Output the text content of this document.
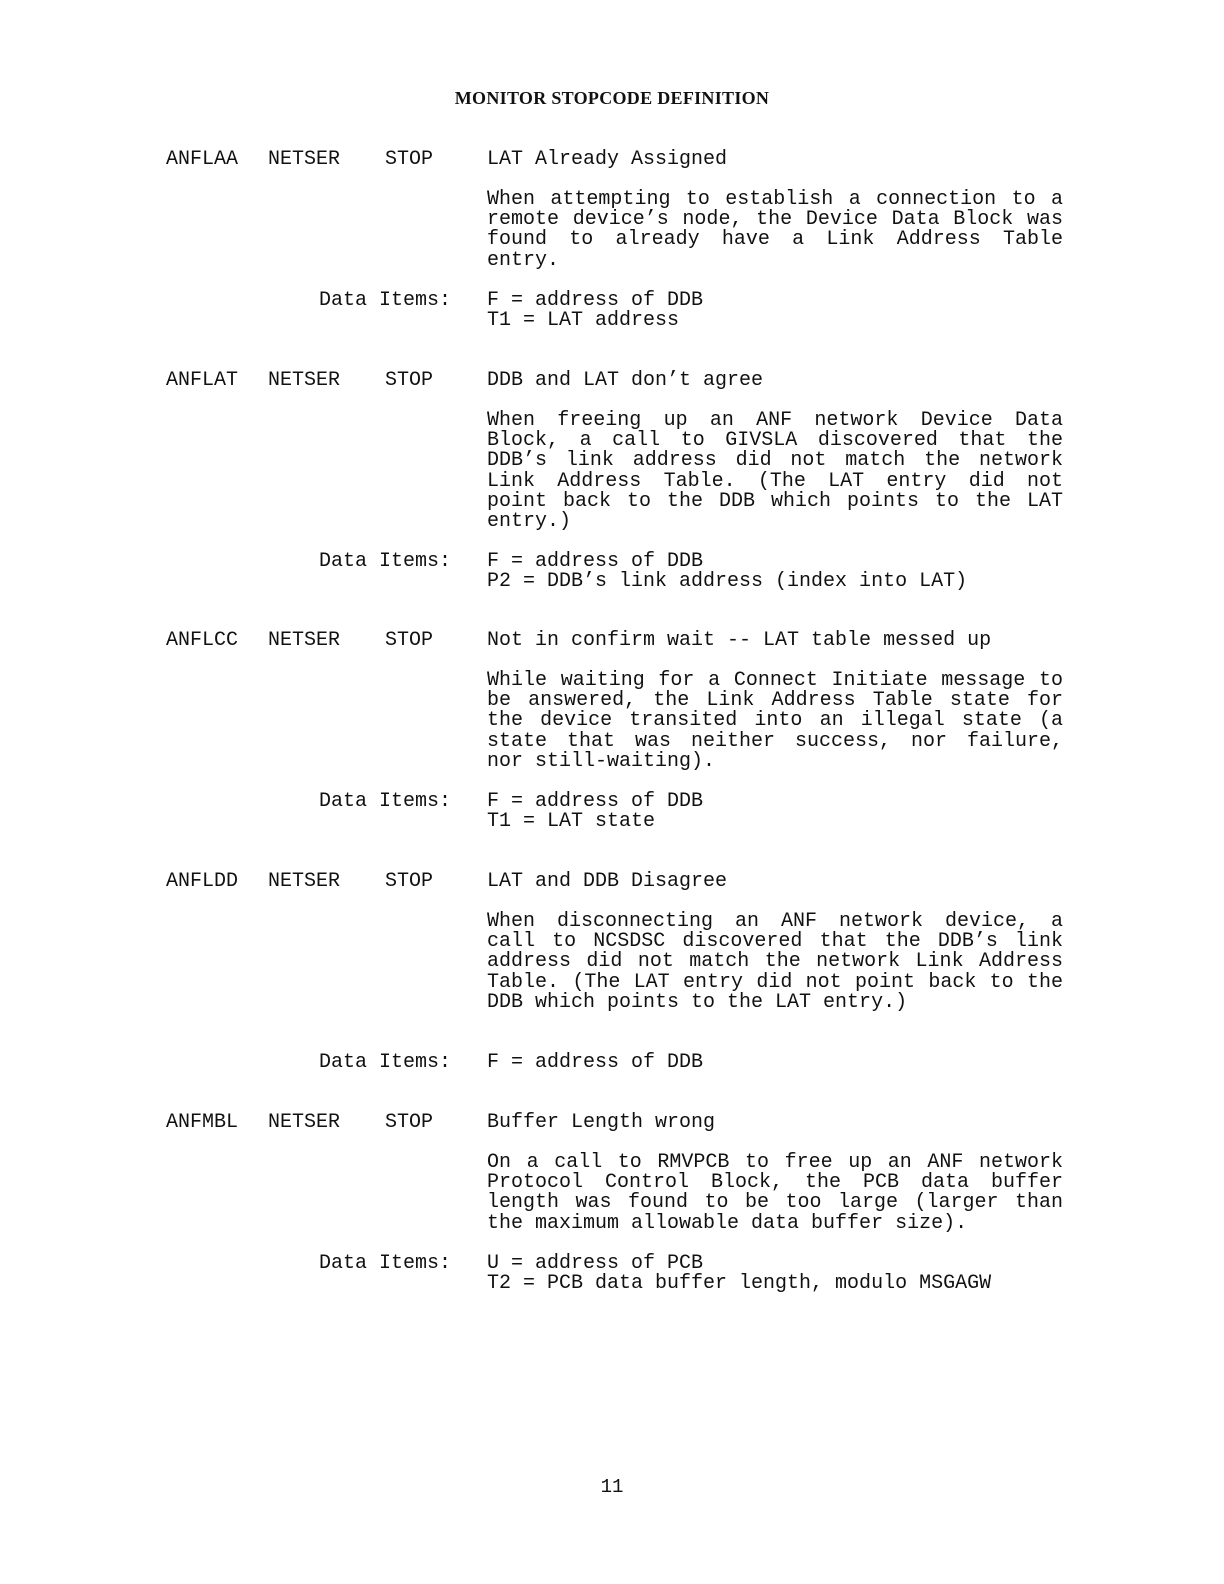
MONITOR STOPCODE DEFINITION
ANFLAA NETSER STOP	LAT Already Assigned
When attempting to establish a connection to a remote device’s node, the Device Data Block was found to already have a Link Address Table entry.
Data Items: F = address of DDB
T1 = LAT address
ANFLAT NETSER STOP	DDB and LAT don’t agree
When freeing up an ANF network Device Data Block, a call to GIVSLA discovered that the DDB’s link address did not match the network Link Address Table. (The LAT entry did not point back to the DDB which points to the LAT entry.)
Data Items: F = address of DDB
P2 = DDB’s link address (index into LAT)
ANFLCC NETSER STOP	Not in confirm wait -- LAT table messed up
While waiting for a Connect Initiate message to be answered, the Link Address Table state for the device transited into an illegal state (a state that was neither success, nor failure, nor still-waiting).
Data Items: F = address of DDB
T1 = LAT state
ANFLDD NETSER STOP	LAT and DDB Disagree
When disconnecting an ANF network device, a call to NCSDSC discovered that the DDB’s link address did not match the network Link Address Table. (The LAT entry did not point back to the DDB which points to the LAT entry.)
Data Items: F = address of DDB
ANFMBL NETSER STOP	Buffer Length wrong
On a call to RMVPCB to free up an ANF network Protocol Control Block, the PCB data buffer length was found to be too large (larger than the maximum allowable data buffer size).
Data Items: U = address of PCB
T2 = PCB data buffer length, modulo MSGAGW
11
